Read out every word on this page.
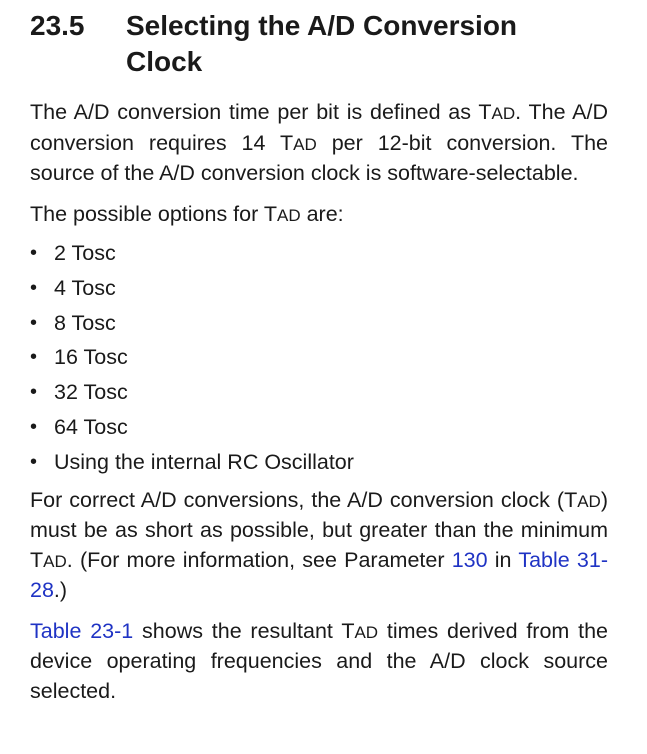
23.5 Selecting the A/D Conversion Clock

The A/D conversion time per bit is defined as TAD. The A/D conversion requires 14 TAD per 12-bit conversion. The source of the A/D conversion clock is software-selectable.

The possible options for TAD are:

• 2 Tosc
• 4 Tosc
• 8 Tosc
• 16 Tosc
• 32 Tosc
• 64 Tosc
• Using the internal RC Oscillator

For correct A/D conversions, the A/D conversion clock (TAD) must be as short as possible, but greater than the minimum TAD. (For more information, see Parameter 130 in Table 31-28.)

Table 23-1 shows the resultant TAD times derived from the device operating frequencies and the A/D clock source selected.
